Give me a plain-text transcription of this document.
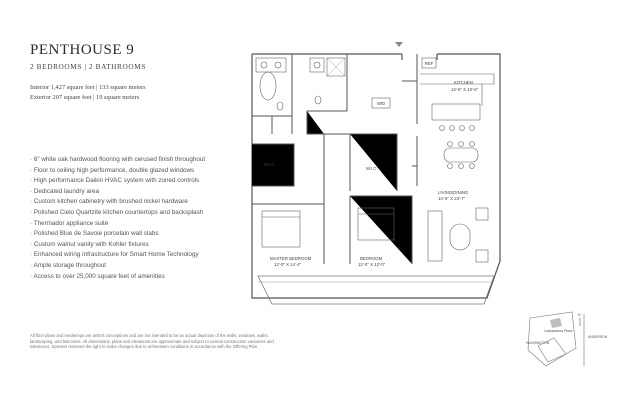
PENTHOUSE 9
2 BEDROOMS | 2 BATHROOMS
Interior 1,427 square feet | 133 square meters
Exterior 207 square feet | 19 square meters
· 6" white oak hardwood flooring with cerused finish throughout
· Floor to ceiling high performance, double glazed windows
· High performance Daikin HVAC system with zoned controls
· Dedicated laundry area
· Custom kitchen cabinetry with brushed nickel hardware
· Polished Cielo Quartzite kitchen countertops and backsplash
· Thermador appliance suite
· Polished Blue de Savoie porcelain wall slabs
· Custom walnut vanity with Kohler fixtures
· Enhanced wiring infrastructure for Smart Home Technology
· Ample storage throughout
· Access to over 25,000 square feet of amenities
All floor plans and renderings are artist's conceptions and are not intended to be an actual depiction of the walls, windows, walks, landscaping, and balconies. All dimensions, plans and elevations are approximate and subject to normal construction variances and tolerances. Sponsor reserves the right to make changes due to unforeseen conditions in accordance with the Offering Plan.
W/D
REF
KITCHEN
13'-6" X 10'-6"
LIVING/DINING
14'-6" X 23'-7"
MASTER BEDROOM
12'-0" X 14'-4"
BEDROOM
12'-0" X 13'-0"
W.I.C.
W.I.C.
N
Lackawanna Plaza
WASHINGTON
ANDERSON
